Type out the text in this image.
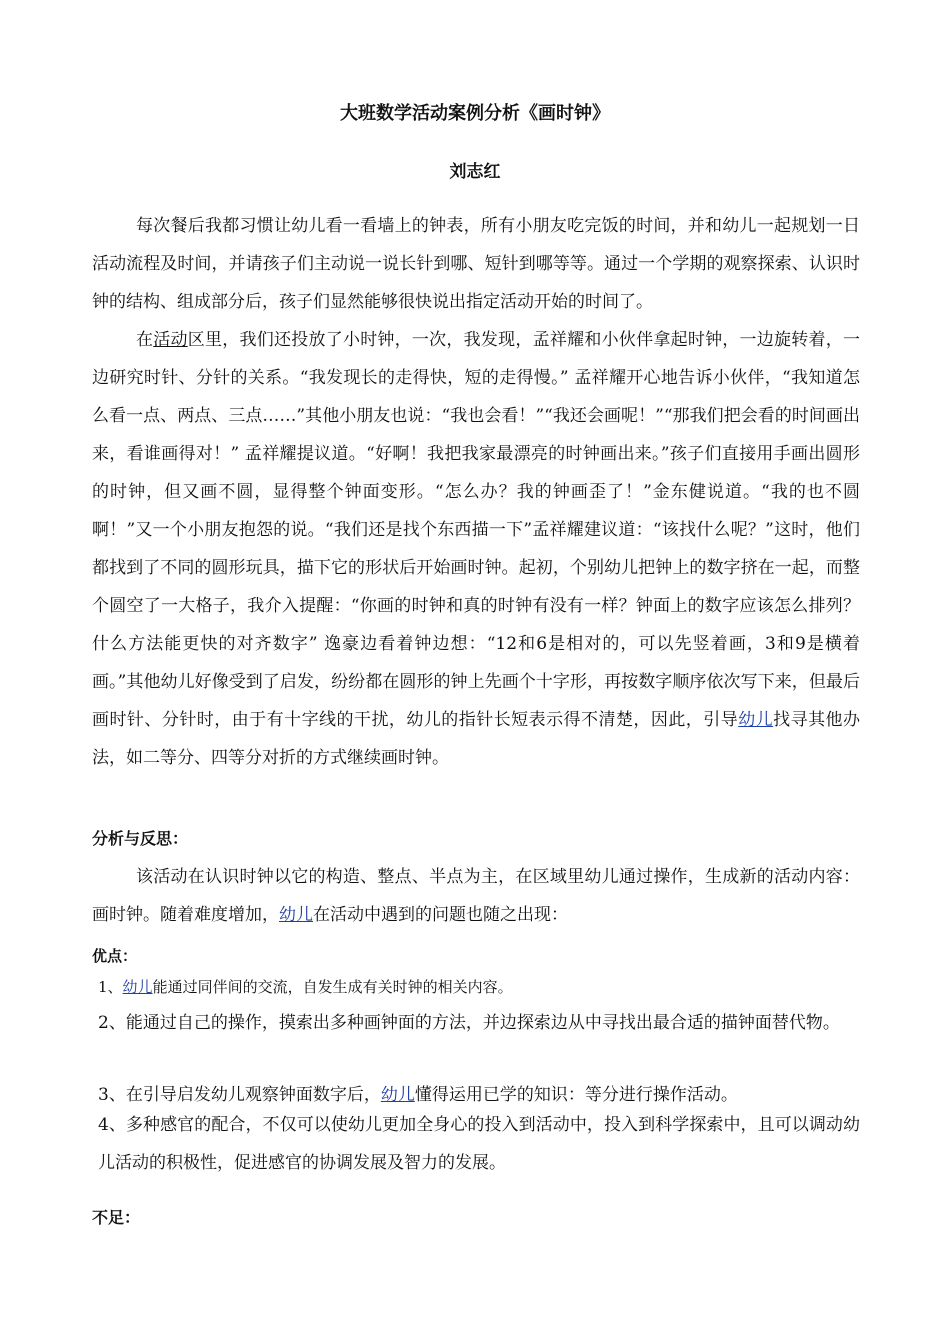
大班数学活动案例分析《画时钟》
刘志红
每次餐后我都习惯让幼儿看一看墙上的钟表，所有小朋友吃完饭的时间，并和幼儿一起规划一日活动流程及时间，并请孩子们主动说一说长针到哪、短针到哪等等。通过一个学期的观察探索、认识时钟的结构、组成部分后，孩子们显然能够很快说出指定活动开始的时间了。
在活动区里，我们还投放了小时钟，一次，我发现，孟祥耀和小伙伴拿起时钟，一边旋转着，一边研究时针、分针的关系。“我发现长的走得快，短的走得慢。” 孟祥耀开心地告诉小伙伴，“我知道怎么看一点、两点、三点……”其他小朋友也说：“我也会看！”“我还会画呢！”“那我们把会看的时间画出来，看谁画得对！” 孟祥耀提议道。“好啊！我把我家最漂亮的时钟画出来。”孩子们直接用手画出圆形的时钟，但又画不圆，显得整个钟面变形。“怎么办？我的钟画歪了！”金东健说道。“我的也不圆啊！”又一个小朋友抱怨的说。“我们还是找个东西描一下”孟祥耀建议道：“该找什么呢？”这时，他们都找到了不同的圆形玩具，描下它的形状后开始画时钟。起初，个别幼儿把钟上的数字挤在一起，而整个圆空了一大格子，我介入提醒：“你画的时钟和真的时钟有没有一样？钟面上的数字应该怎么排列？什么方法能更快的对齐数字” 逸豪边看着钟边想：“12和6是相对的，可以先竖着画，3和9是横着画。”其他幼儿好像受到了启发，纷纷都在圆形的钟上先画个十字形，再按数字顺序依次写下来，但最后画时针、分针时，由于有十字线的干扰，幼儿的指针长短表示得不清楚，因此，引导幼儿找寻其他办法，如二等分、四等分对折的方式继续画时钟。
分析与反思：
该活动在认识时钟以它的构造、整点、半点为主，在区域里幼儿通过操作，生成新的活动内容：画时钟。随着难度增加，幼儿在活动中遇到的问题也随之出现：
优点：
1、幼儿能通过同伴间的交流，自发生成有关时钟的相关内容。
2、能通过自己的操作，摸索出多种画钟面的方法，并边探索边从中寻找出最合适的描钟面替代物。
3、在引导启发幼儿观察钟面数字后，幼儿懂得运用已学的知识：等分进行操作活动。
4、多种感官的配合，不仅可以使幼儿更加全身心的投入到活动中，投入到科学探索中，且可以调动幼儿活动的积极性，促进感官的协调发展及智力的发展。
不足：
